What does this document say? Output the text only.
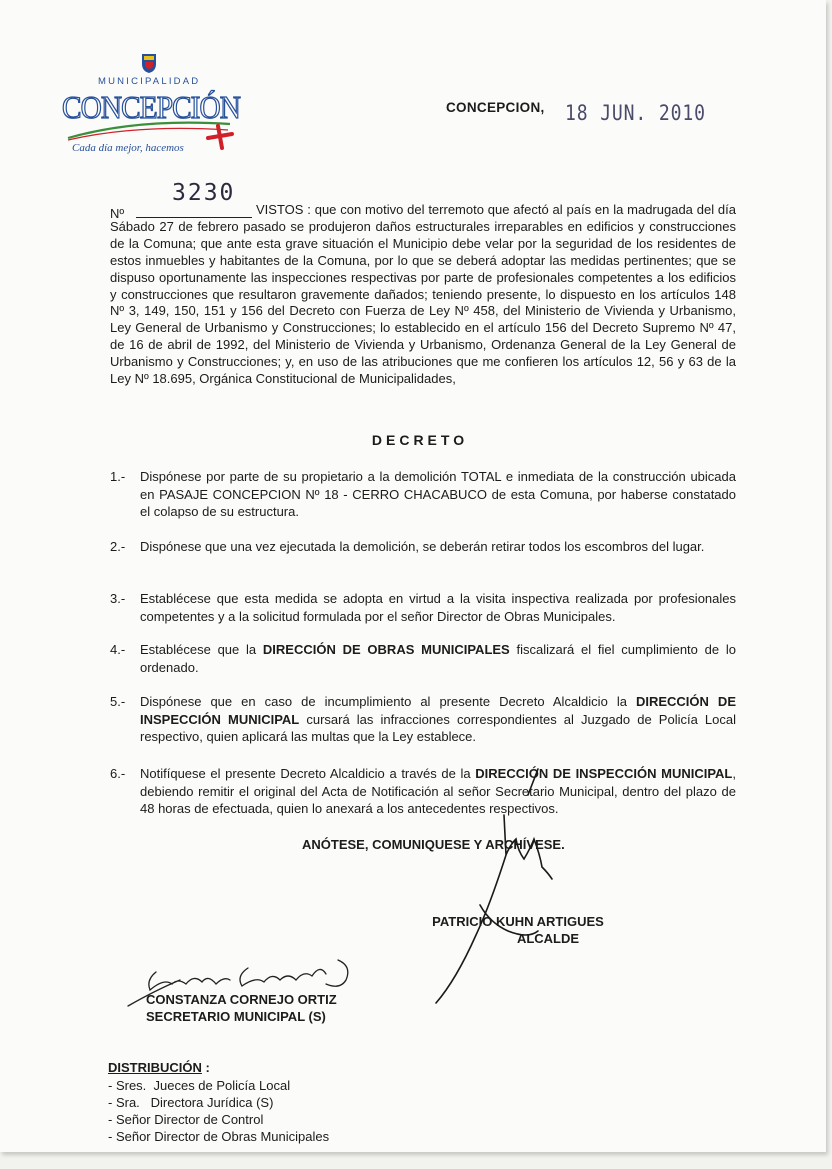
MUNICIPALIDAD
CONCEPCIÓN
Cada día mejor, hacemos
CONCEPCION, 18 JUN. 2010
Nº
3230
VISTOS : que con motivo del terremoto que afectó al país en la madrugada del día Sábado 27 de febrero pasado se produjeron daños estructurales irreparables en edificios y construcciones de la Comuna; que ante esta grave situación el Municipio debe velar por la seguridad de los residentes de estos inmuebles y habitantes de la Comuna, por lo que se deberá adoptar las medidas pertinentes; que se dispuso oportunamente las inspecciones respectivas por parte de profesionales competentes a los edificios y construcciones que resultaron gravemente dañados; teniendo presente, lo dispuesto en los artículos 148 Nº 3, 149, 150, 151 y 156 del Decreto con Fuerza de Ley Nº 458, del Ministerio de Vivienda y Urbanismo, Ley General de Urbanismo y Construcciones; lo establecido en el artículo 156 del Decreto Supremo Nº 47, de 16 de abril de 1992, del Ministerio de Vivienda y Urbanismo, Ordenanza General de la Ley General de Urbanismo y Construcciones; y, en uso de las atribuciones que me confieren los artículos 12, 56 y 63 de la Ley Nº 18.695, Orgánica Constitucional de Municipalidades,
DECRETO
1.- Dispónese por parte de su propietario a la demolición TOTAL e inmediata de la construcción ubicada en PASAJE CONCEPCION Nº 18 - CERRO CHACABUCO de esta Comuna, por haberse constatado el colapso de su estructura.
2.- Dispónese que una vez ejecutada la demolición, se deberán retirar todos los escombros del lugar.
3.- Establécese que esta medida se adopta en virtud a la visita inspectiva realizada por profesionales competentes y a la solicitud formulada por el señor Director de Obras Municipales.
4.- Establécese que la DIRECCIÓN DE OBRAS MUNICIPALES fiscalizará el fiel cumplimiento de lo ordenado.
5.- Dispónese que en caso de incumplimiento al presente Decreto Alcaldicio la DIRECCIÓN DE INSPECCIÓN MUNICIPAL cursará las infracciones correspondientes al Juzgado de Policía Local respectivo, quien aplicará las multas que la Ley establece.
6.- Notifíquese el presente Decreto Alcaldicio a través de la DIRECCIÓN DE INSPECCIÓN MUNICIPAL, debiendo remitir el original del Acta de Notificación al señor Secretario Municipal, dentro del plazo de 48 horas de efectuada, quien lo anexará a los antecedentes respectivos.
ANÓTESE, COMUNIQUESE Y ARCHÍVESE.
PATRICIO KUHN ARTIGUES
ALCALDE
CONSTANZA CORNEJO ORTIZ
SECRETARIO MUNICIPAL (S)
DISTRIBUCIÓN :
- Sres.  Jueces de Policía Local
- Sra.   Directora Jurídica (S)
- Señor Director de Control
- Señor Director de Obras Municipales
